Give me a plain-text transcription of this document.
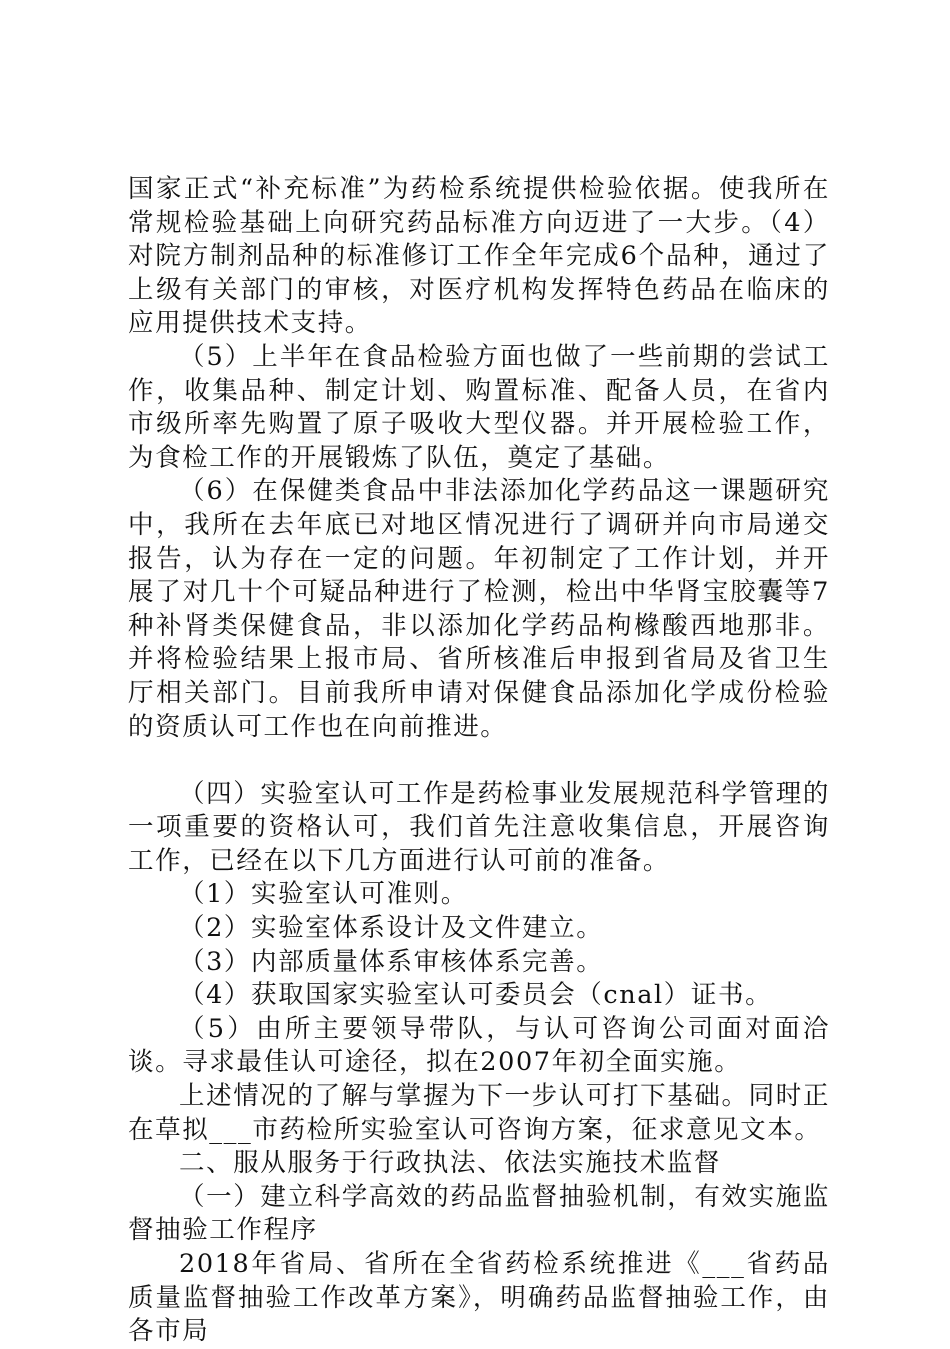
国家正式“补充标准”为药检系统提供检验依据。使我所在常规检验基础上向研究药品标准方向迈进了一大步。（4）对院方制剂品种的标准修订工作全年完成6个品种，通过了上级有关部门的审核，对医疗机构发挥特色药品在临床的应用提供技术支持。

（5）上半年在食品检验方面也做了一些前期的尝试工作，收集品种、制定计划、购置标准、配备人员，在省内市级所率先购置了原子吸收大型仪器。并开展检验工作，为食检工作的开展锻炼了队伍，奠定了基础。

（6）在保健类食品中非法添加化学药品这一课题研究中，我所在去年底已对地区情况进行了调研并向市局递交报告，认为存在一定的问题。年初制定了工作计划，并开展了对几十个可疑品种进行了检测，检出中华肾宝胶囊等7种补肾类保健食品，非以添加化学药品枸橼酸西地那非。并将检验结果上报市局、省所核准后申报到省局及省卫生厅相关部门。目前我所申请对保健食品添加化学成份检验的资质认可工作也在向前推进。

（四）实验室认可工作是药检事业发展规范科学管理的一项重要的资格认可，我们首先注意收集信息，开展咨询工作，已经在以下几方面进行认可前的准备。

（1）实验室认可准则。

（2）实验室体系设计及文件建立。

（3）内部质量体系审核体系完善。

（4）获取国家实验室认可委员会（cnal）证书。

（5）由所主要领导带队，与认可咨询公司面对面洽谈。寻求最佳认可途径，拟在2007年初全面实施。

上述情况的了解与掌握为下一步认可打下基础。同时正在草拟___市药检所实验室认可咨询方案，征求意见文本。

二、服从服务于行政执法、依法实施技术监督

（一）建立科学高效的药品监督抽验机制，有效实施监督抽验工作程序

2018年省局、省所在全省药检系统推进《___省药品质量监督抽验工作改革方案》，明确药品监督抽验工作，由各市局
